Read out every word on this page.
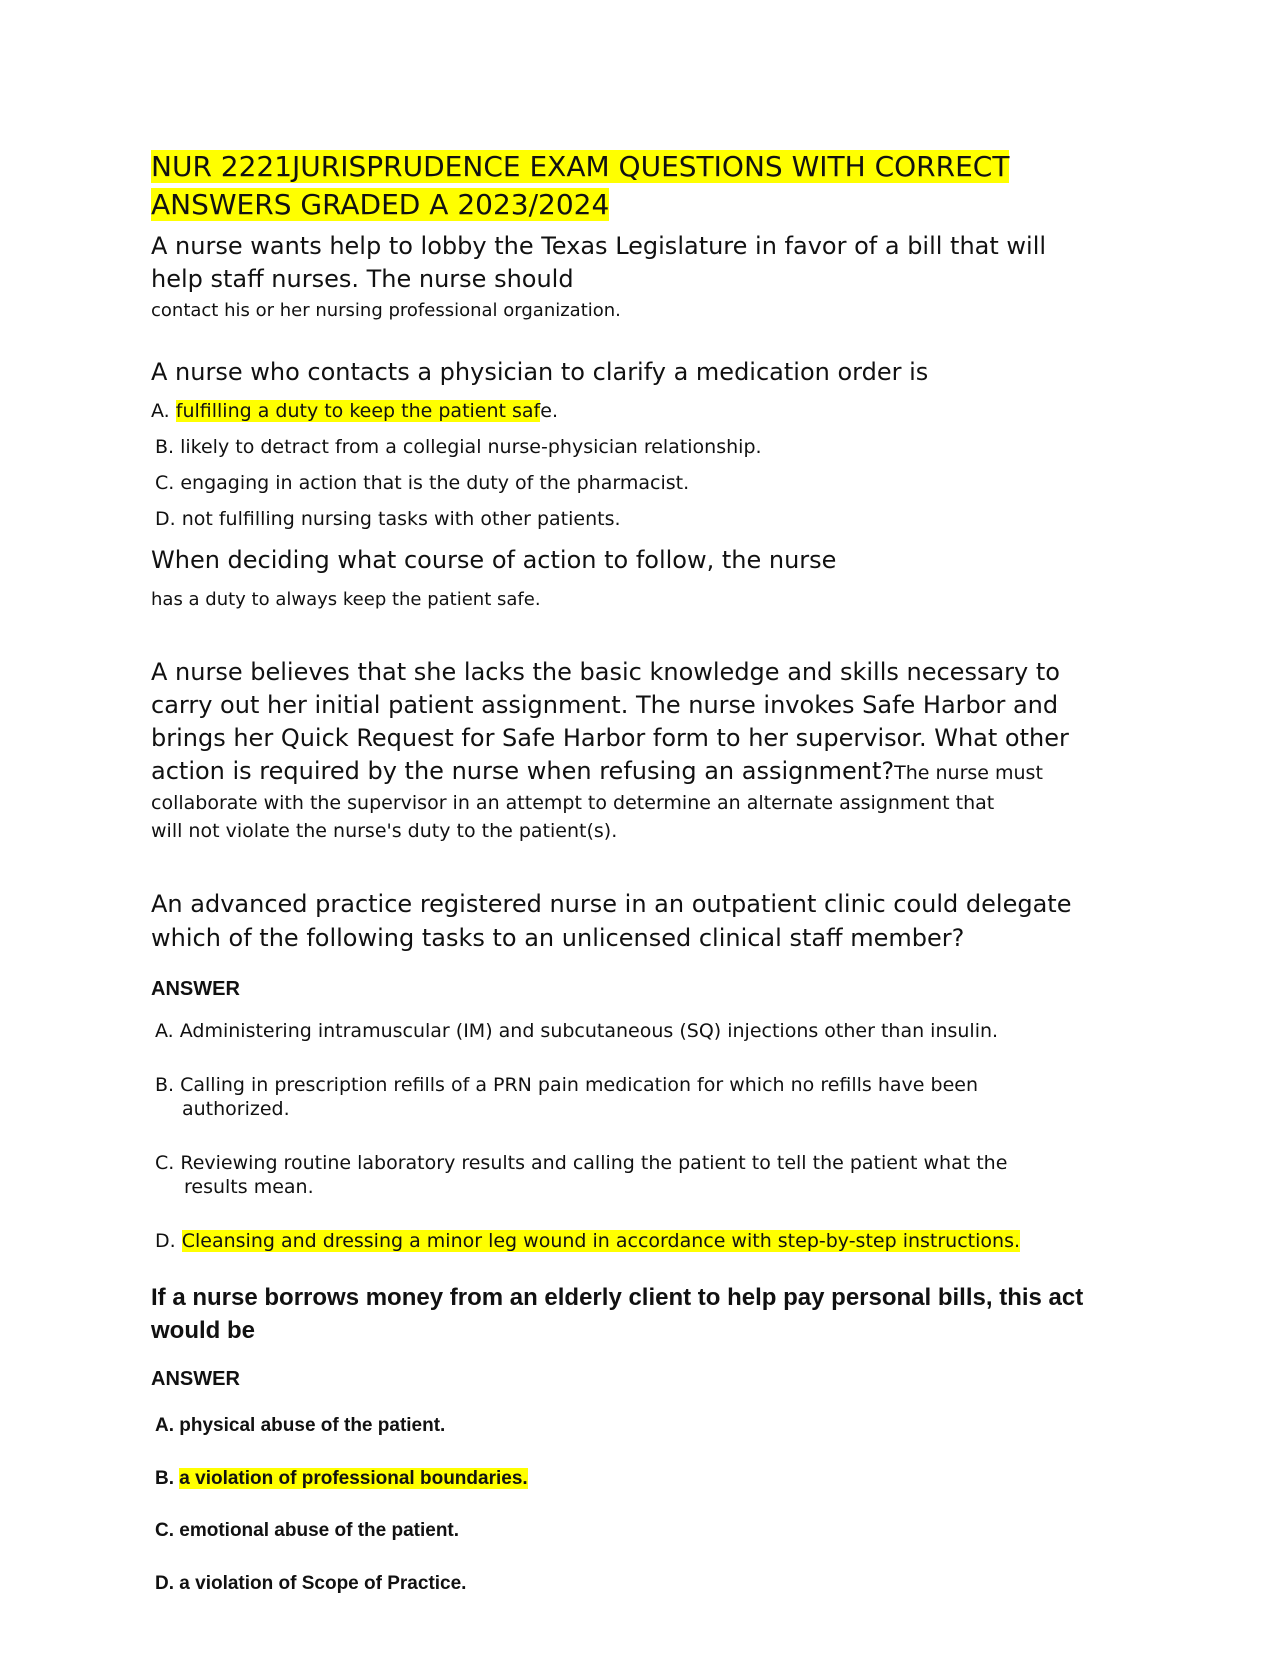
NUR 2221JURISPRUDENCE EXAM QUESTIONS WITH CORRECT

ANSWERS GRADED A 2023/2024

A nurse wants help to lobby the Texas Legislature in favor of a bill that will

help staff nurses. The nurse should

contact his or her nursing professional organization.

A nurse who contacts a physician to clarify a medication order is

A. fulfilling a duty to keep the patient safe.

B. likely to detract from a collegial nurse-physician relationship.

C. engaging in action that is the duty of the pharmacist.

D. not fulfilling nursing tasks with other patients.

When deciding what course of action to follow, the nurse

has a duty to always keep the patient safe.

A nurse believes that she lacks the basic knowledge and skills necessary to

carry out her initial patient assignment. The nurse invokes Safe Harbor and

brings her Quick Request for Safe Harbor form to her supervisor. What other

action is required by the nurse when refusing an assignment?The nurse must

collaborate with the supervisor in an attempt to determine an alternate assignment that

will not violate the nurse's duty to the patient(s).

An advanced practice registered nurse in an outpatient clinic could delegate

which of the following tasks to an unlicensed clinical staff member?

ANSWER

A. Administering intramuscular (IM) and subcutaneous (SQ) injections other than insulin.

B. Calling in prescription refills of a PRN pain medication for which no refills have been

authorized.

C. Reviewing routine laboratory results and calling the patient to tell the patient what the

results mean.

D. Cleansing and dressing a minor leg wound in accordance with step-by-step instructions.

If a nurse borrows money from an elderly client to help pay personal bills, this act

would be

ANSWER

A. physical abuse of the patient.

B. a violation of professional boundaries.

C. emotional abuse of the patient.

D. a violation of Scope of Practice.
